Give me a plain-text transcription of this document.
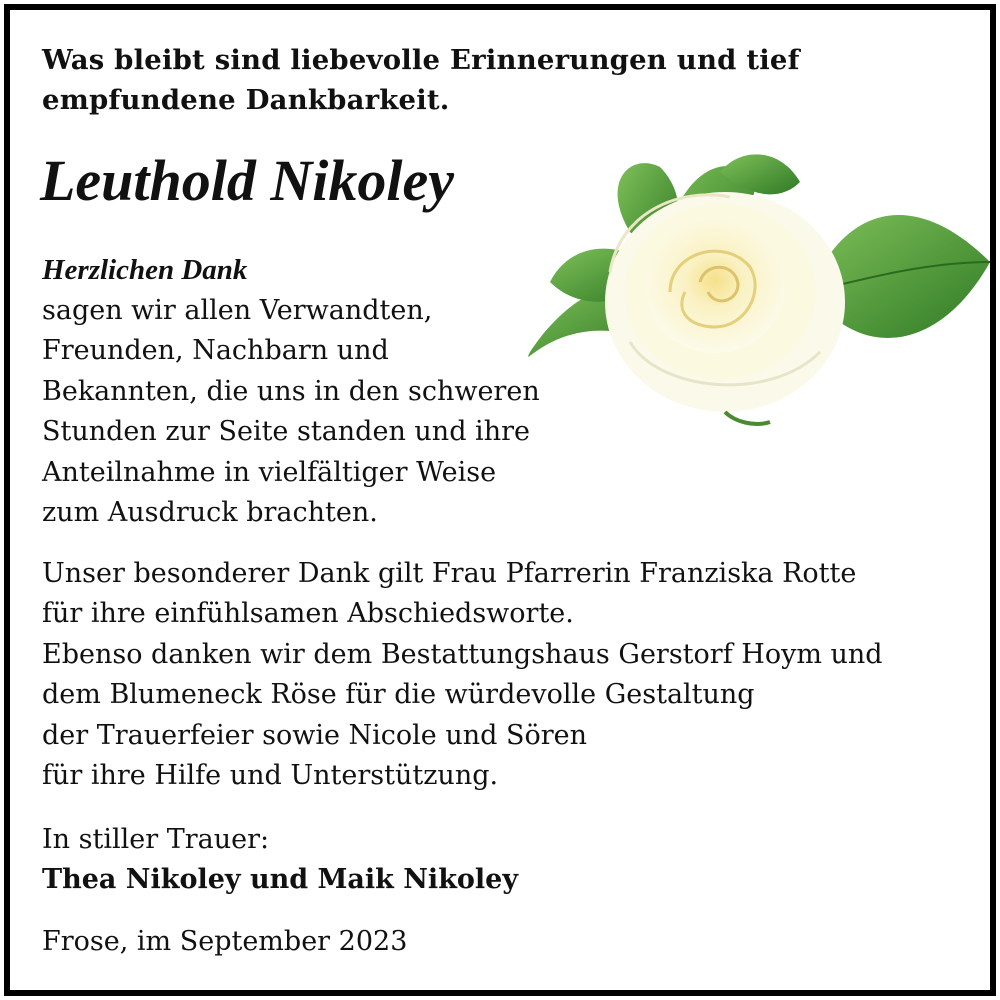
Was bleibt sind liebevolle Erinnerungen und tief
empfundene Dankbarkeit.
Leuthold Nikoley
Herzlichen Dank
sagen wir allen Verwandten,
Freunden, Nachbarn und
Bekannten, die uns in den schweren
Stunden zur Seite standen und ihre
Anteilnahme in vielfältiger Weise
zum Ausdruck brachten.
Unser besonderer Dank gilt Frau Pfarrerin Franziska Rotte
für ihre einfühlsamen Abschiedsworte.
Ebenso danken wir dem Bestattungshaus Gerstorf Hoym und
dem Blumeneck Röse für die würdevolle Gestaltung
der Trauerfeier sowie Nicole und Sören
für ihre Hilfe und Unterstützung.
In stiller Trauer:
Thea Nikoley und Maik Nikoley
Frose, im September 2023
